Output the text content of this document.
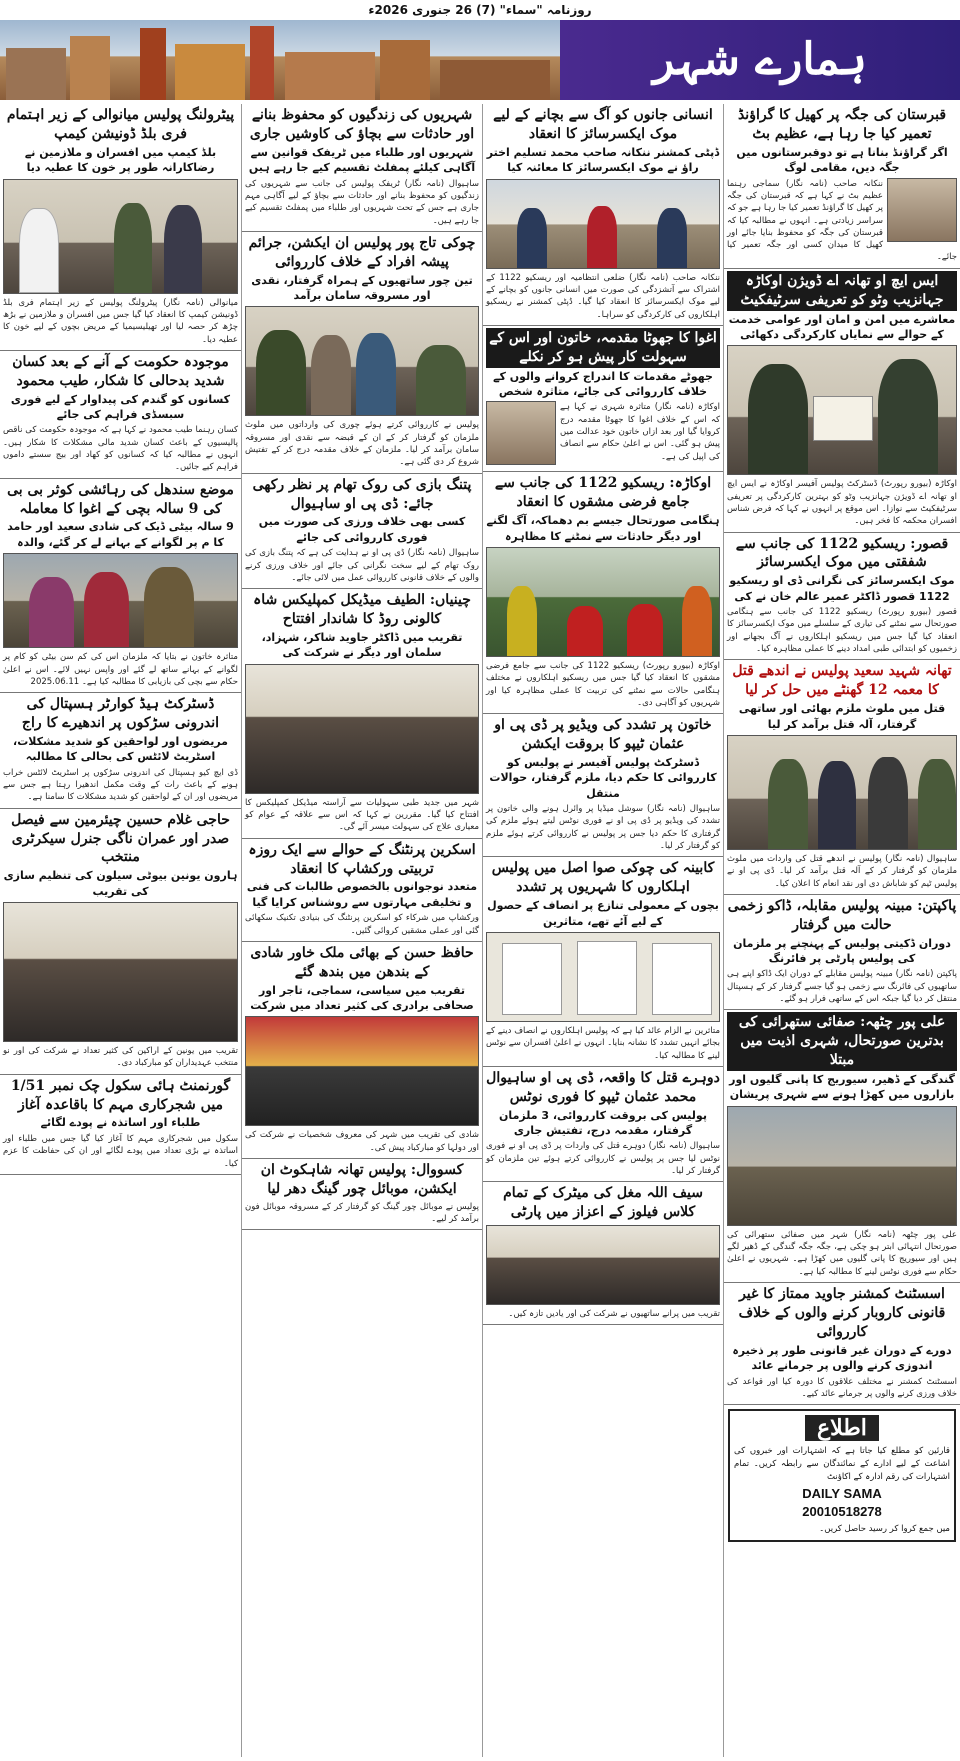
روزنامہ "سماء" (7) 26 جنوری 2026ء
ہمارے شہر
قبرستان کی جگہ پر کھیل کا گراؤنڈ تعمیر کیا جا رہا ہے، عظیم بٹ
اگر گراؤنڈ بنانا ہے تو دوقبرستانوں میں جگہ دیں، مقامی لوگ
ننکانہ صاحب (نامہ نگار) سماجی رہنما عظیم بٹ نے کہا ہے کہ قبرستان کی جگہ پر کھیل کا گراؤنڈ تعمیر کیا جا رہا ہے جو کہ سراسر زیادتی ہے۔ انہوں نے مطالبہ کیا کہ قبرستان کی جگہ کو محفوظ بنایا جائے اور کھیل کا میدان کسی اور جگہ تعمیر کیا جائے۔
ایس ایچ او تھانہ اے ڈویژن اوکاڑہ جہانزیب وٹو کو تعریفی سرٹیفکیٹ
معاشرے میں امن و امان اور عوامی خدمت کے حوالے سے نمایاں کارکردگی دکھائی
اوکاڑہ (بیورو رپورٹ) ڈسٹرکٹ پولیس آفیسر اوکاڑہ نے ایس ایچ او تھانہ اے ڈویژن جہانزیب وٹو کو بہترین کارکردگی پر تعریفی سرٹیفکیٹ سے نوازا۔ اس موقع پر انہوں نے کہا کہ فرض شناس افسران محکمہ کا فخر ہیں۔
قصور: ریسکیو 1122 کی جانب سے شفقتی میں موک ایکسرسائز
موک ایکسرسائز کی نگرانی ڈی او ریسکیو 1122 قصور ڈاکٹر عمیر عالم خان نے کی
قصور (بیورو رپورٹ) ریسکیو 1122 کی جانب سے ہنگامی صورتحال سے نمٹنے کی تیاری کے سلسلے میں موک ایکسرسائز کا انعقاد کیا گیا جس میں ریسکیو اہلکاروں نے آگ بجھانے اور زخمیوں کو ابتدائی طبی امداد دینے کا عملی مظاہرہ کیا۔
تھانہ شہید سعید پولیس نے اندھے قتل کا معمہ 12 گھنٹے میں حل کر لیا
قتل میں ملوث ملزم بھائی اور ساتھی گرفتار، آلہ قتل برآمد کر لیا
ساہیوال (نامہ نگار) پولیس نے اندھے قتل کی واردات میں ملوث ملزمان کو گرفتار کر کے آلہ قتل برآمد کر لیا۔ ڈی پی او نے پولیس ٹیم کو شاباش دی اور نقد انعام کا اعلان کیا۔
پاکپتن: مبینہ پولیس مقابلہ، ڈاکو زخمی حالت میں گرفتار
دوران ڈکیتی پولیس کے پہنچنے پر ملزمان کی پولیس پارٹی پر فائرنگ
پاکپتن (نامہ نگار) مبینہ پولیس مقابلے کے دوران ایک ڈاکو اپنے ہی ساتھیوں کی فائرنگ سے زخمی ہو گیا جسے گرفتار کر کے ہسپتال منتقل کر دیا گیا جبکہ اس کے ساتھی فرار ہو گئے۔
علی پور چٹھہ: صفائی ستھرائی کی بدترین صورتحال، شہری اذیت میں مبتلا
گندگی کے ڈھیر، سیوریج کا پانی گلیوں اور بازاروں میں کھڑا ہونے سے شہری پریشان
علی پور چٹھہ (نامہ نگار) شہر میں صفائی ستھرائی کی صورتحال انتہائی ابتر ہو چکی ہے، جگہ جگہ گندگی کے ڈھیر لگے ہیں اور سیوریج کا پانی گلیوں میں کھڑا ہے۔ شہریوں نے اعلیٰ حکام سے فوری نوٹس لینے کا مطالبہ کیا ہے۔
اسسٹنٹ کمشنر جاوید ممتاز کا غیر قانونی کاروبار کرنے والوں کے خلاف کارروائی
دورے کے دوران غیر قانونی طور پر ذخیرہ اندوزی کرنے والوں پر جرمانے عائد
اسسٹنٹ کمشنر نے مختلف علاقوں کا دورہ کیا اور قواعد کی خلاف ورزی کرنے والوں پر جرمانے عائد کیے۔
اطلاع
قارئین کو مطلع کیا جاتا ہے کہ اشتہارات اور خبروں کی اشاعت کے لیے ادارے کے نمائندگان سے رابطہ کریں۔ تمام اشتہارات کی رقم ادارہ کے اکاؤنٹ
DAILY SAMA
20010518278
میں جمع کروا کر رسید حاصل کریں۔
انسانی جانوں کو آگ سے بچانے کے لیے موک ایکسرسائز کا انعقاد
ڈپٹی کمشنر ننکانہ صاحب محمد تسلیم اختر راؤ نے موک ایکسرسائز کا معائنہ کیا
ننکانہ صاحب (نامہ نگار) ضلعی انتظامیہ اور ریسکیو 1122 کے اشتراک سے آتشزدگی کی صورت میں انسانی جانوں کو بچانے کے لیے موک ایکسرسائز کا انعقاد کیا گیا۔ ڈپٹی کمشنر نے ریسکیو اہلکاروں کی کارکردگی کو سراہا۔
اغوا کا جھوٹا مقدمہ، خاتون اور اس کے سہولت کار پیش ہو کر نکلے
جھوٹے مقدمات کا اندراج کروانے والوں کے خلاف کارروائی کی جائے، متاثرہ شخص
اوکاڑہ (نامہ نگار) متاثرہ شہری نے کہا ہے کہ اس کے خلاف اغوا کا جھوٹا مقدمہ درج کروایا گیا اور بعد ازاں خاتون خود عدالت میں پیش ہو گئی۔ اس نے اعلیٰ حکام سے انصاف کی اپیل کی ہے۔
اوکاڑہ: ریسکیو 1122 کی جانب سے جامع فرضی مشقوں کا انعقاد
ہنگامی صورتحال جیسے بم دھماکہ، آگ لگنے اور دیگر حادثات سے نمٹنے کا مظاہرہ
اوکاڑہ (بیورو رپورٹ) ریسکیو 1122 کی جانب سے جامع فرضی مشقوں کا انعقاد کیا گیا جس میں ریسکیو اہلکاروں نے مختلف ہنگامی حالات سے نمٹنے کی تربیت کا عملی مظاہرہ کیا اور شہریوں کو آگاہی دی۔
خاتون پر تشدد کی ویڈیو پر ڈی پی او عثمان ٹیپو کا بروقت ایکشن
ڈسٹرکٹ پولیس آفیسر نے پولیس کو کارروائی کا حکم دیا، ملزم گرفتار، حوالات منتقل
ساہیوال (نامہ نگار) سوشل میڈیا پر وائرل ہونے والی خاتون پر تشدد کی ویڈیو پر ڈی پی او نے فوری نوٹس لیتے ہوئے ملزم کی گرفتاری کا حکم دیا جس پر پولیس نے کارروائی کرتے ہوئے ملزم کو گرفتار کر لیا۔
کابینہ کی چوکی صوا اصل میں پولیس اہلکاروں کا شہریوں پر تشدد
بچوں کے معمولی تنازع پر انصاف کے حصول کے لیے آئے تھے، متاثرین
متاثرین نے الزام عائد کیا ہے کہ پولیس اہلکاروں نے انصاف دینے کے بجائے انہیں تشدد کا نشانہ بنایا۔ انہوں نے اعلیٰ افسران سے نوٹس لینے کا مطالبہ کیا۔
دوہرے قتل کا واقعہ، ڈی پی او ساہیوال محمد عثمان ٹیپو کا فوری نوٹس
پولیس کی بروقت کارروائی، 3 ملزمان گرفتار، مقدمہ درج، تفتیش جاری
ساہیوال (نامہ نگار) دوہرے قتل کی واردات پر ڈی پی او نے فوری نوٹس لیا جس پر پولیس نے کارروائی کرتے ہوئے تین ملزمان کو گرفتار کر لیا۔
سیف اللہ مغل کی میٹرک کے تمام کلاس فیلوز کے اعزاز میں پارٹی
تقریب میں پرانے ساتھیوں نے شرکت کی اور یادیں تازہ کیں۔
شہریوں کی زندگیوں کو محفوظ بنانے اور حادثات سے بچاؤ کی کاوشیں جاری
شہریوں اور طلباء میں ٹریفک قوانین سے آگاہی کیلئے پمفلٹ تقسیم کیے جا رہے ہیں
ساہیوال (نامہ نگار) ٹریفک پولیس کی جانب سے شہریوں کی زندگیوں کو محفوظ بنانے اور حادثات سے بچاؤ کے لیے آگاہی مہم جاری ہے جس کے تحت شہریوں اور طلباء میں پمفلٹ تقسیم کیے جا رہے ہیں۔
چوکی تاج پور پولیس ان ایکشن، جرائم پیشہ افراد کے خلاف کارروائی
تین چور ساتھیوں کے ہمراہ گرفتار، نقدی اور مسروقہ سامان برآمد
پولیس نے کارروائی کرتے ہوئے چوری کی وارداتوں میں ملوث ملزمان کو گرفتار کر کے ان کے قبضہ سے نقدی اور مسروقہ سامان برآمد کر لیا۔ ملزمان کے خلاف مقدمہ درج کر کے تفتیش شروع کر دی گئی ہے۔
پتنگ بازی کی روک تھام پر نظر رکھی جائے: ڈی پی او ساہیوال
کسی بھی خلاف ورزی کی صورت میں فوری کارروائی کی جائے
ساہیوال (نامہ نگار) ڈی پی او نے ہدایت کی ہے کہ پتنگ بازی کی روک تھام کے لیے سخت نگرانی کی جائے اور خلاف ورزی کرنے والوں کے خلاف قانونی کارروائی عمل میں لائی جائے۔
چینیاں: الطیف میڈیکل کمپلیکس شاہ کالونی روڈ کا شاندار افتتاح
تقریب میں ڈاکٹر جاوید شاکر، شہزاد، سلمان اور دیگر نے شرکت کی
شہر میں جدید طبی سہولیات سے آراستہ میڈیکل کمپلیکس کا افتتاح کیا گیا۔ مقررین نے کہا کہ اس سے علاقہ کے عوام کو معیاری علاج کی سہولت میسر آئے گی۔
اسکرین پرنٹنگ کے حوالے سے ایک روزہ تربیتی ورکشاپ کا انعقاد
متعدد نوجوانوں بالخصوص طالبات کی فنی و تخلیقی مہارتوں سے روشناس کرایا گیا
ورکشاپ میں شرکاء کو اسکرین پرنٹنگ کی بنیادی تکنیک سکھائی گئی اور عملی مشقیں کروائی گئیں۔
حافظ حسن کے بھائی ملک خاور شادی کے بندھن میں بندھ گئے
تقریب میں سیاسی، سماجی، تاجر اور صحافی برادری کی کثیر تعداد میں شرکت
شادی کی تقریب میں شہر کی معروف شخصیات نے شرکت کی اور دولہا کو مبارکباد پیش کی۔
کسووال: پولیس تھانہ شاہکوٹ ان ایکشن، موبائل چور گینگ دھر لیا
پولیس نے موبائل چور گینگ کو گرفتار کر کے مسروقہ موبائل فون برآمد کر لیے۔
پیٹرولنگ پولیس میانوالی کے زیر اہتمام فری بلڈ ڈونیشن کیمپ
بلڈ کیمپ میں افسران و ملازمین نے رضاکارانہ طور پر خون کا عطیہ دیا
میانوالی (نامہ نگار) پیٹرولنگ پولیس کے زیر اہتمام فری بلڈ ڈونیشن کیمپ کا انعقاد کیا گیا جس میں افسران و ملازمین نے بڑھ چڑھ کر حصہ لیا اور تھیلیسیمیا کے مریض بچوں کے لیے خون کا عطیہ دیا۔
موجودہ حکومت کے آنے کے بعد کسان شدید بدحالی کا شکار، طیب محمود
کسانوں کو گندم کی پیداوار کے لیے فوری سبسڈی فراہم کی جائے
کسان رہنما طیب محمود نے کہا ہے کہ موجودہ حکومت کی ناقص پالیسیوں کے باعث کسان شدید مالی مشکلات کا شکار ہیں۔ انہوں نے مطالبہ کیا کہ کسانوں کو کھاد اور بیج سستے داموں فراہم کیے جائیں۔
موضع سندھل کی رہائشی کوثر بی بی کی 9 سالہ بچی کے اغوا کا معاملہ
9 سالہ بیٹی ڈیک کی شادی سعید اور حامد کا م پر لگوانے کے بہانے لے کر گئے، والدہ
متاثرہ خاتون نے بتایا کہ ملزمان اس کی کم سن بیٹی کو کام پر لگوانے کے بہانے ساتھ لے گئے اور واپس نہیں لائے۔ اس نے اعلیٰ حکام سے بچی کی بازیابی کا مطالبہ کیا ہے۔ 2025.06.11
ڈسٹرکٹ ہیڈ کوارٹر ہسپتال کی اندرونی سڑکوں پر اندھیرے کا راج
مریضوں اور لواحقین کو شدید مشکلات، اسٹریٹ لائٹس کی بحالی کا مطالبہ
ڈی ایچ کیو ہسپتال کی اندرونی سڑکوں پر اسٹریٹ لائٹس خراب ہونے کے باعث رات کے وقت مکمل اندھیرا رہتا ہے جس سے مریضوں اور ان کے لواحقین کو شدید مشکلات کا سامنا ہے۔
حاجی غلام حسین چیئرمین سے فیصل صدر اور عمران ناگی جنرل سیکرٹری منتخب
ہارون یونین بیوٹی سیلون کی تنظیم سازی کی تقریب
تقریب میں یونین کے اراکین کی کثیر تعداد نے شرکت کی اور نو منتخب عہدیداران کو مبارکباد دی۔
گورنمنٹ ہائی سکول چک نمبر 1/51 میں شجرکاری مہم کا باقاعدہ آغاز
طلباء اور اساتذہ نے پودے لگائے
سکول میں شجرکاری مہم کا آغاز کیا گیا جس میں طلباء اور اساتذہ نے بڑی تعداد میں پودے لگائے اور ان کی حفاظت کا عزم کیا۔
